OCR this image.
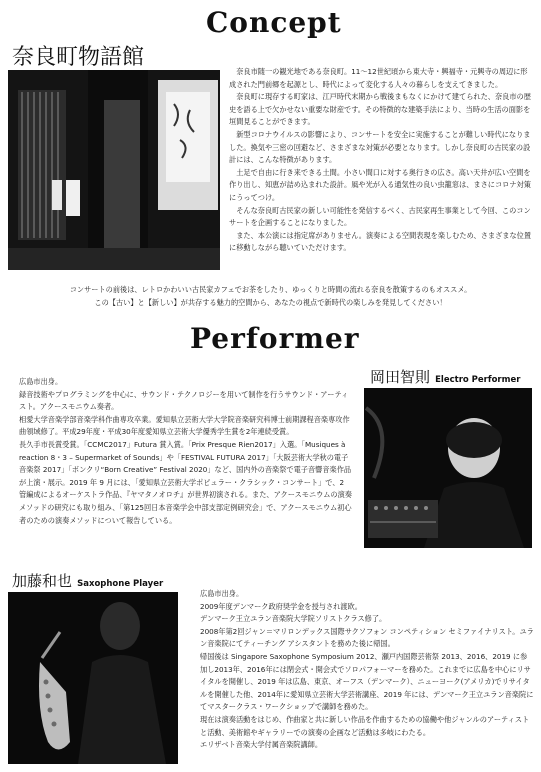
Concept
奈良町物語館

奈良市随一の観光地である奈良町。11～12世紀頃から東大寺・興福寺・元興寺の周辺に形成された門前郷を起源とし、時代によって変化する人々の暮らしを支えてきました。

奈良町に現存する町家は、江戸時代末期から戦後まもなくにかけて建てられた、奈良市の歴史を語る上で欠かせない重要な財産です。その特徴的な建築手法により、当時の生活の面影を垣間見ることができます。

新型コロナウイルスの影響により、コンサートを安全に実施することが難しい時代になりました。換気や三密の回避など、さまざまな対策が必要となります。しかし奈良町の古民家の設計には、こんな特徴があります。

土足で自由に行き来できる土間。小さい間口に対する奥行きの広さ。高い天井が広い空間を作り出し、知恵が詰め込まれた設計。風や光が入る通気性の良い虫籠窓は、まさにコロナ対策にうってつけ。

そんな奈良町古民家の新しい可能性を発信するべく、古民家再生事業として今回、このコンサートを企画することになりました。

また、本公演には指定席がありません。演奏による空間表現を楽しむため、さまざまな位置に移動しながら聴いていただけます。

コンサートの前後は、レトロかわいい古民家カフェでお茶をしたり、ゆっくりと時間の流れる奈良を散策するのもオススメ。

この【古い】と【新しい】が共存する魅力的空間から、あなたの視点で新時代の楽しみを発見してください！

Performer
岡田智則 Electro Performer

広島市出身。

録音技術やプログラミングを中心に、サウンド・テクノロジーを用いて制作を行うサウンド・アーティスト。アクースモニウム奏者。

相愛大学音楽学部音楽学科作曲専攻卒業。愛知県立芸術大学大学院音楽研究科博士前期課程音楽専攻作曲領域修了。平成29年度・平成30年度愛知県立芸術大学優秀学生賞を2年連続受賞。

長久手市長賞受賞。「CCMC2017」Futura 賞入賞。「Prix Presque Rien2017」入選。「Musiques à reaction 8・3 – Supermarket of Sounds」や「FESTIVAL FUTURA 2017」「大阪芸術大学秋の電子音楽祭 2017」「ボンクリ“Born Creative” Festival 2020」など、国内外の音楽祭で電子音響音楽作品が上演・展示。2019 年 9 月には、「愛知県立芸術大学ポピュラー・クラシック・コンサート」で、2 管編成によるオーケストラ作品、『ヤマタノオロチ』が世界初演される。また、アクースモニウムの演奏メソッドの研究にも取り組み、「第125回日本音楽学会中部支部定例研究会」で、アクースモニウム初心者のための演奏メソッドについて報告している。

加藤和也 Saxophone Player

広島市出身。

2009年度デンマーク政府奨学金を授与され渡欧。

デンマーク王立ユラン音楽院大学院ソリストクラス修了。

2008年第2回ジャン＝マリロンデックス国際サクソフォン コンペティション セミファイナリスト。ユラン音楽院にてティーチング アシスタントを務めた後に帰国。

帰国後は Singapore Saxophone Symposium 2012、瀬戸内国際芸術祭 2013、2016、2019 に参加し2013年、2016年には閉会式・開会式でソロパフォーマーを務めた。これまでに広島を中心にリサイタルを開催し、2019 年は広島、東京、オーフス（デンマーク）、ニューヨーク(アメリカ)でリサイタルを開催した他、2014年に愛知県立芸術大学芸術講座、2019 年には、デンマーク王立ユラン音楽院にてマスタークラス・ワークショップで講師を務めた。

現在は演奏活動をはじめ、作曲家と共に新しい作品を作曲するための協働や他ジャンルのアーティストと活動、美術館やギャラリーでの演奏の企画など活動は多岐にわたる。

エリザベト音楽大学付属音楽院講師。
